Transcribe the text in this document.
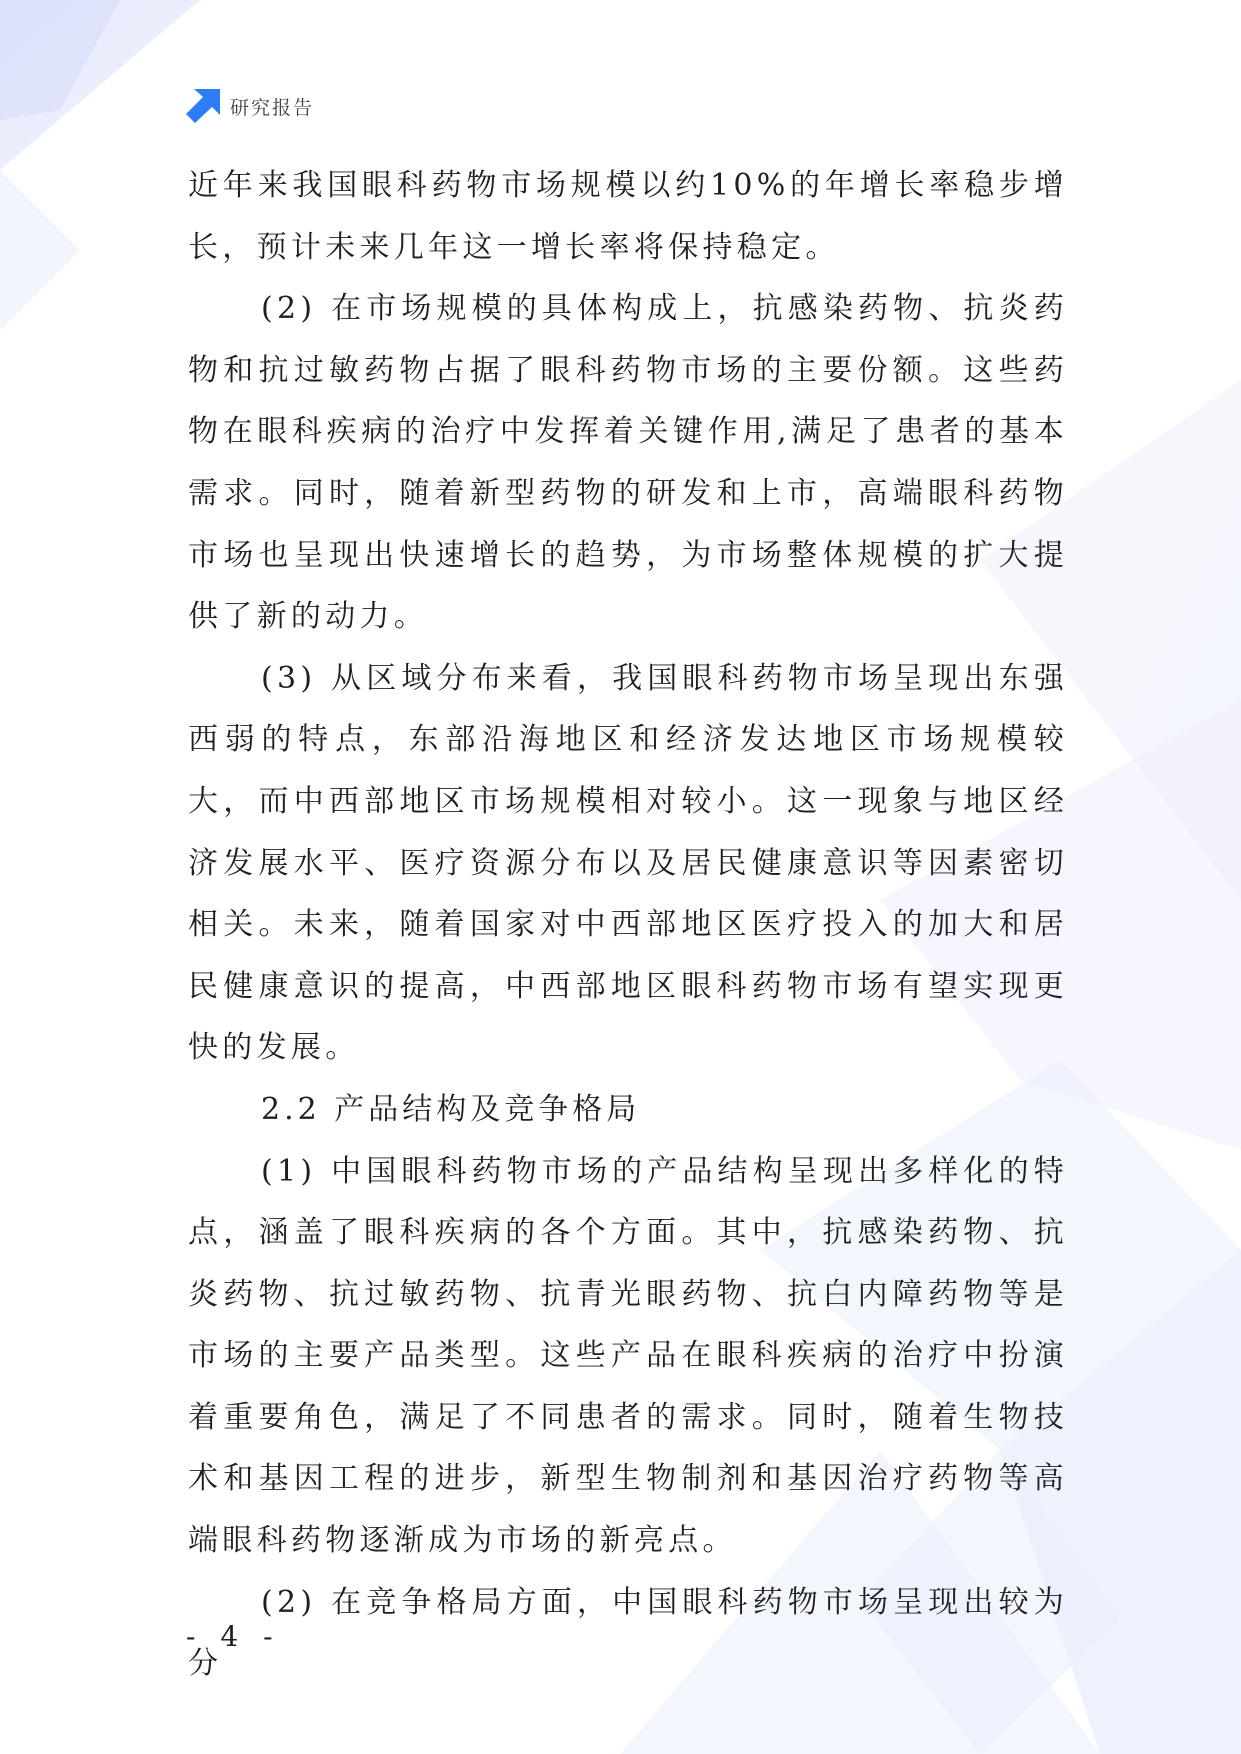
研究报告

近年来我国眼科药物市场规模以约10%的年增长率稳步增长，预计未来几年这一增长率将保持稳定。

(2) 在市场规模的具体构成上，抗感染药物、抗炎药物和抗过敏药物占据了眼科药物市场的主要份额。这些药物在眼科疾病的治疗中发挥着关键作用,满足了患者的基本需求。同时，随着新型药物的研发和上市，高端眼科药物市场也呈现出快速增长的趋势，为市场整体规模的扩大提供了新的动力。

(3) 从区域分布来看，我国眼科药物市场呈现出东强西弱的特点，东部沿海地区和经济发达地区市场规模较大，而中西部地区市场规模相对较小。这一现象与地区经济发展水平、医疗资源分布以及居民健康意识等因素密切相关。未来，随着国家对中西部地区医疗投入的加大和居民健康意识的提高，中西部地区眼科药物市场有望实现更快的发展。

2.2 产品结构及竞争格局

(1) 中国眼科药物市场的产品结构呈现出多样化的特点，涵盖了眼科疾病的各个方面。其中，抗感染药物、抗炎药物、抗过敏药物、抗青光眼药物、抗白内障药物等是市场的主要产品类型。这些产品在眼科疾病的治疗中扮演着重要角色，满足了不同患者的需求。同时，随着生物技术和基因工程的进步，新型生物制剂和基因治疗药物等高端眼科药物逐渐成为市场的新亮点。

(2) 在竞争格局方面，中国眼科药物市场呈现出较为分

- 4 -
